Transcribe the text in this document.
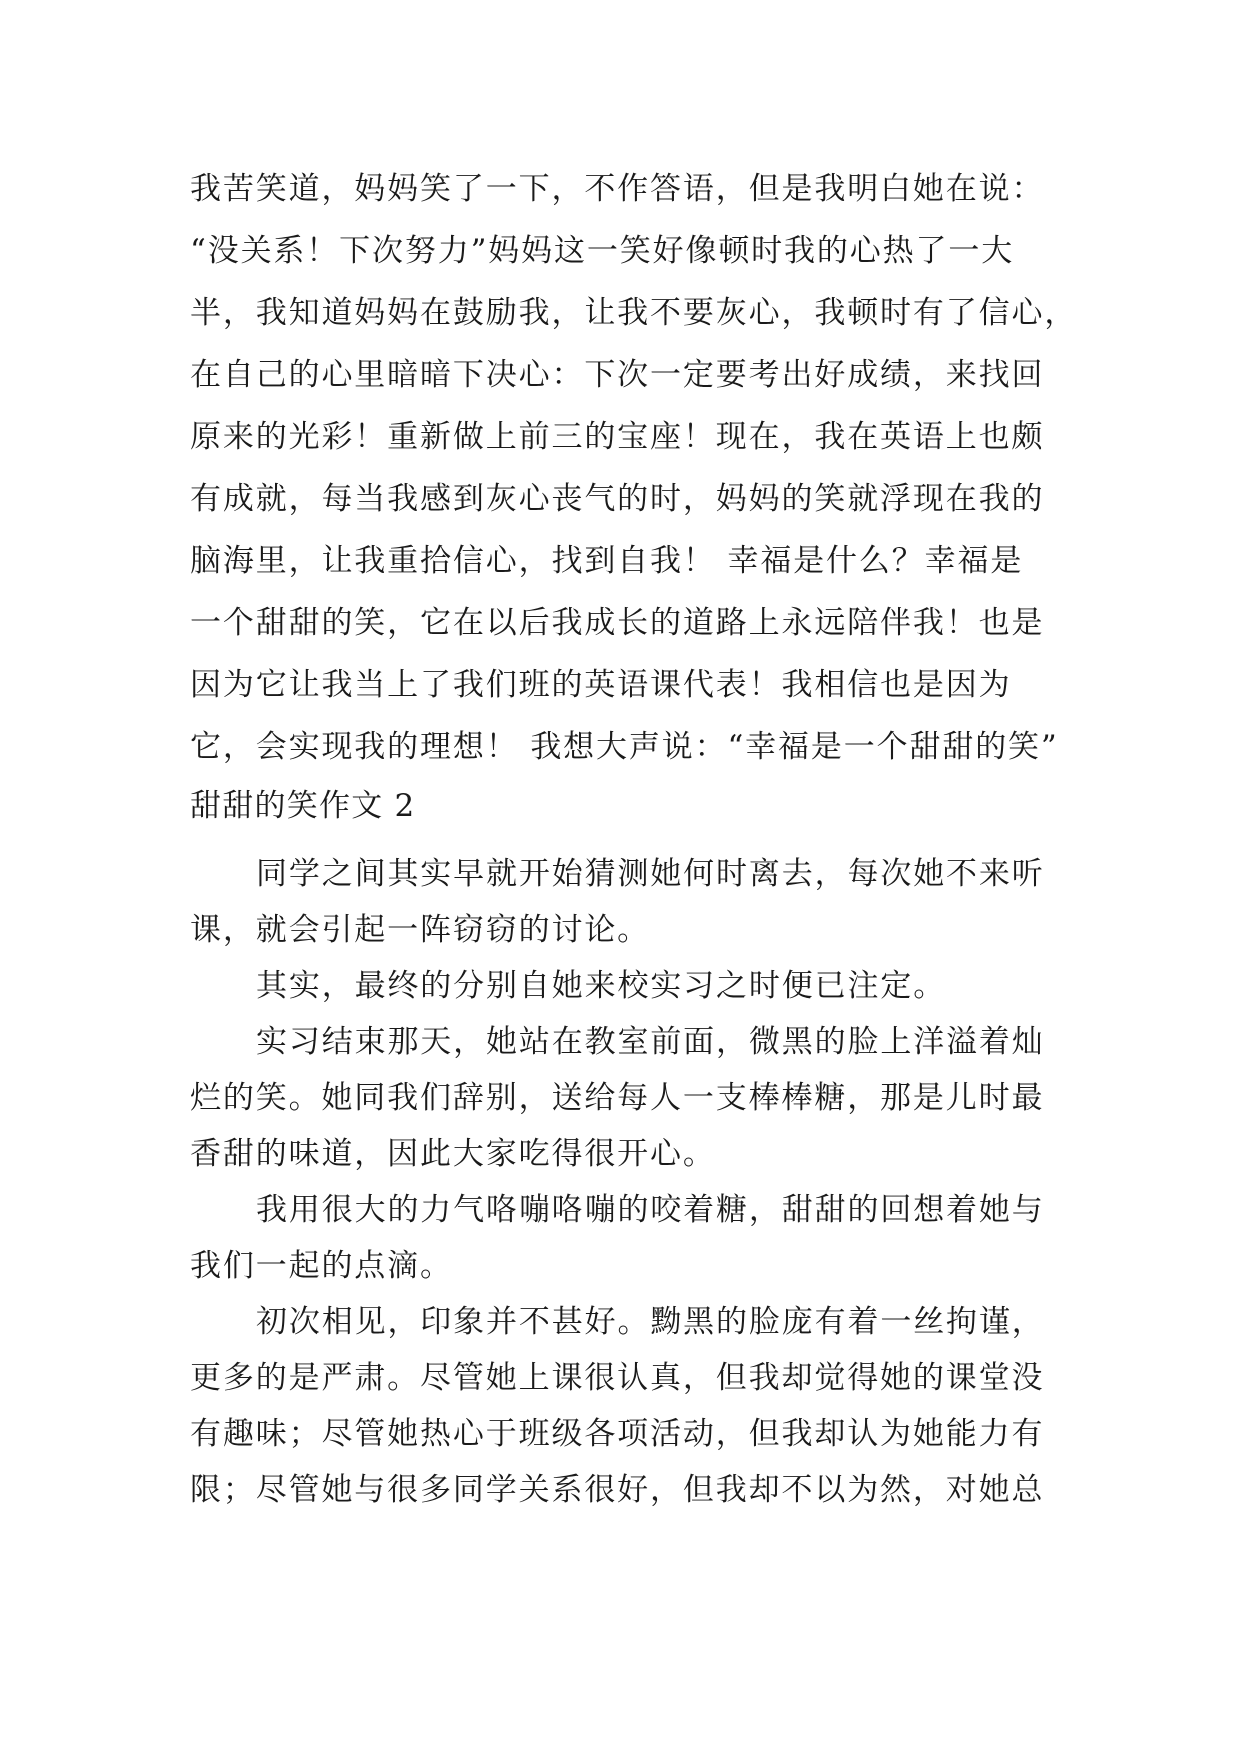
我苦笑道，妈妈笑了一下，不作答语，但是我明白她在说：
“没关系！下次努力”妈妈这一笑好像顿时我的心热了一大
半，我知道妈妈在鼓励我，让我不要灰心，我顿时有了信心，
在自己的心里暗暗下决心：下次一定要考出好成绩，来找回
原来的光彩！重新做上前三的宝座！现在，我在英语上也颇
有成就，每当我感到灰心丧气的时，妈妈的笑就浮现在我的
脑海里，让我重拾信心，找到自我！ 幸福是什么？幸福是
一个甜甜的笑，它在以后我成长的道路上永远陪伴我！也是
因为它让我当上了我们班的英语课代表！我相信也是因为
它，会实现我的理想！ 我想大声说：“幸福是一个甜甜的笑”
甜甜的笑作文 2
同学之间其实早就开始猜测她何时离去，每次她不来听
课，就会引起一阵窃窃的讨论。
其实，最终的分别自她来校实习之时便已注定。
实习结束那天，她站在教室前面，微黑的脸上洋溢着灿
烂的笑。她同我们辞别，送给每人一支棒棒糖，那是儿时最
香甜的味道，因此大家吃得很开心。
我用很大的力气咯嘣咯嘣的咬着糖，甜甜的回想着她与
我们一起的点滴。
初次相见，印象并不甚好。黝黑的脸庞有着一丝拘谨，
更多的是严肃。尽管她上课很认真，但我却觉得她的课堂没
有趣味；尽管她热心于班级各项活动，但我却认为她能力有
限；尽管她与很多同学关系很好，但我却不以为然，对她总
